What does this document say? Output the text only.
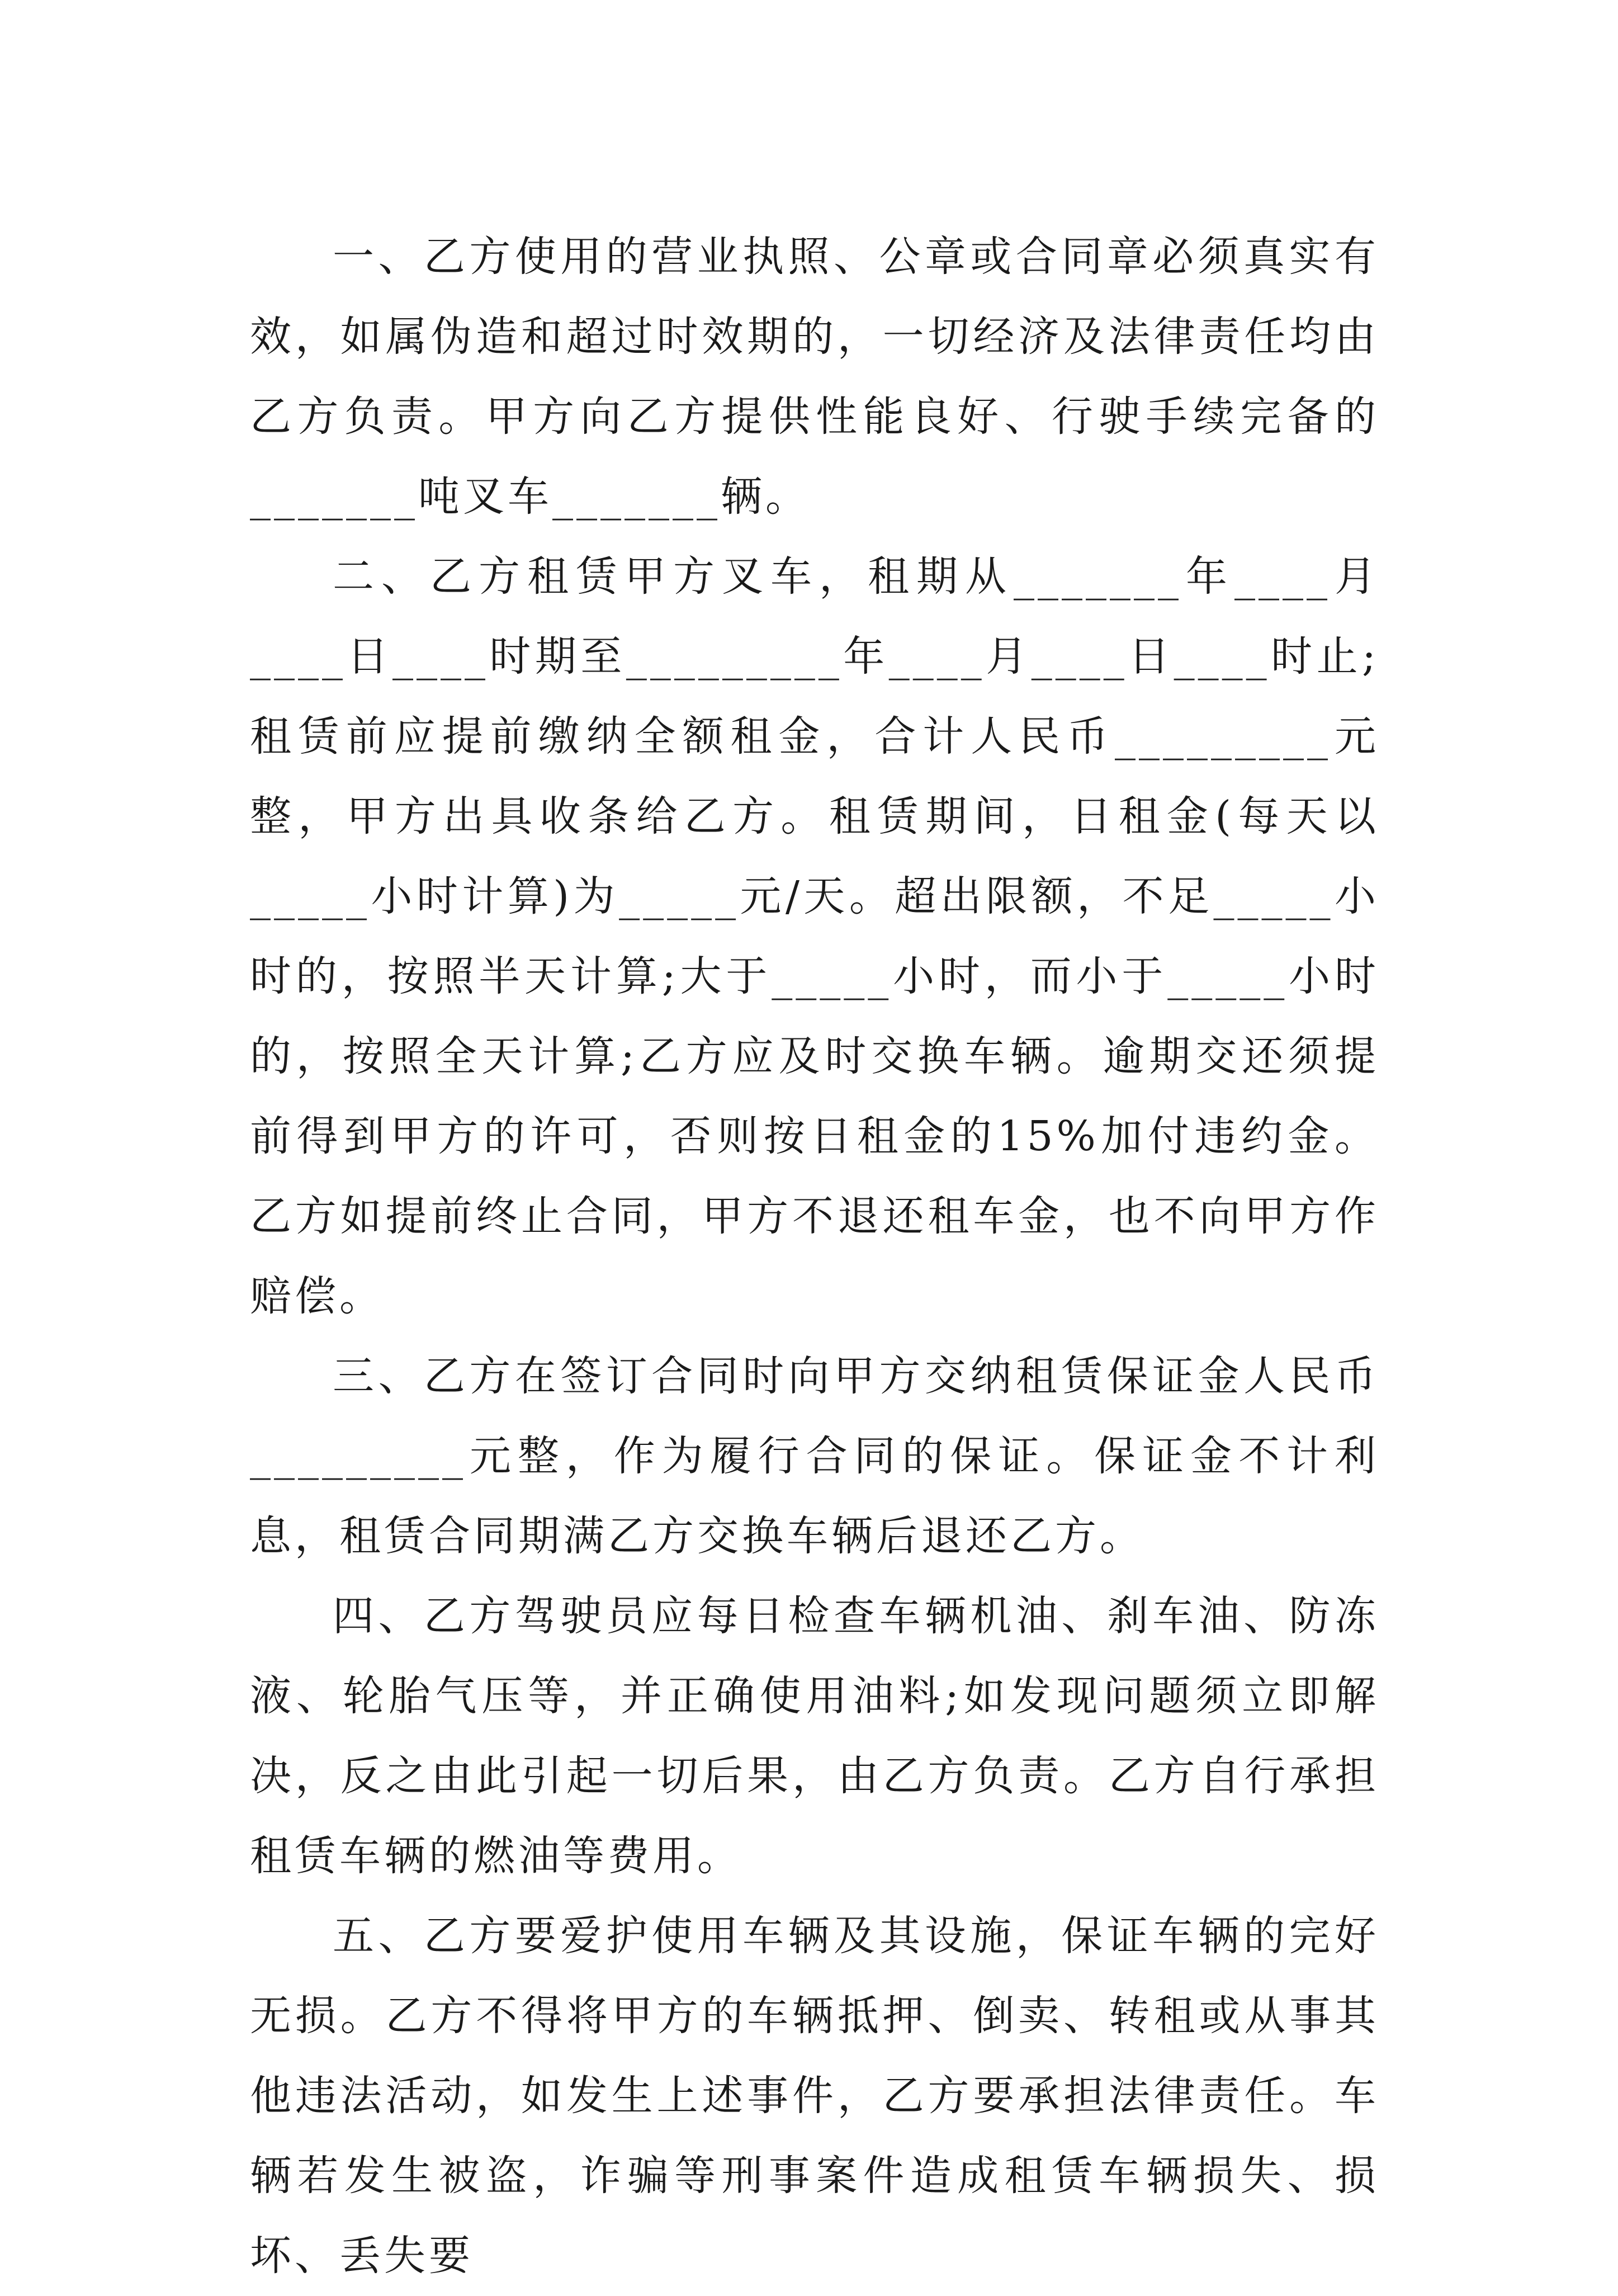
一、乙方使用的营业执照、公章或合同章必须真实有效，如属伪造和超过时效期的，一切经济及法律责任均由乙方负责。甲方向乙方提供性能良好、行驶手续完备的_______吨叉车_______辆。

二、乙方租赁甲方叉车，租期从_______年____月____日____时期至_________年____月____日____时止;租赁前应提前缴纳全额租金，合计人民币_________元整，甲方出具收条给乙方。租赁期间，日租金(每天以_____小时计算)为_____元/天。超出限额，不足_____小时的，按照半天计算;大于_____小时，而小于_____小时的，按照全天计算;乙方应及时交换车辆。逾期交还须提前得到甲方的许可，否则按日租金的15%加付违约金。乙方如提前终止合同，甲方不退还租车金，也不向甲方作赔偿。

三、乙方在签订合同时向甲方交纳租赁保证金人民币_________元整，作为履行合同的保证。保证金不计利息，租赁合同期满乙方交换车辆后退还乙方。

四、乙方驾驶员应每日检查车辆机油、刹车油、防冻液、轮胎气压等，并正确使用油料;如发现问题须立即解决，反之由此引起一切后果，由乙方负责。乙方自行承担租赁车辆的燃油等费用。

五、乙方要爱护使用车辆及其设施，保证车辆的完好无损。乙方不得将甲方的车辆抵押、倒卖、转租或从事其他违法活动，如发生上述事件，乙方要承担法律责任。车辆若发生被盗，诈骗等刑事案件造成租赁车辆损失、损坏、丢失要
